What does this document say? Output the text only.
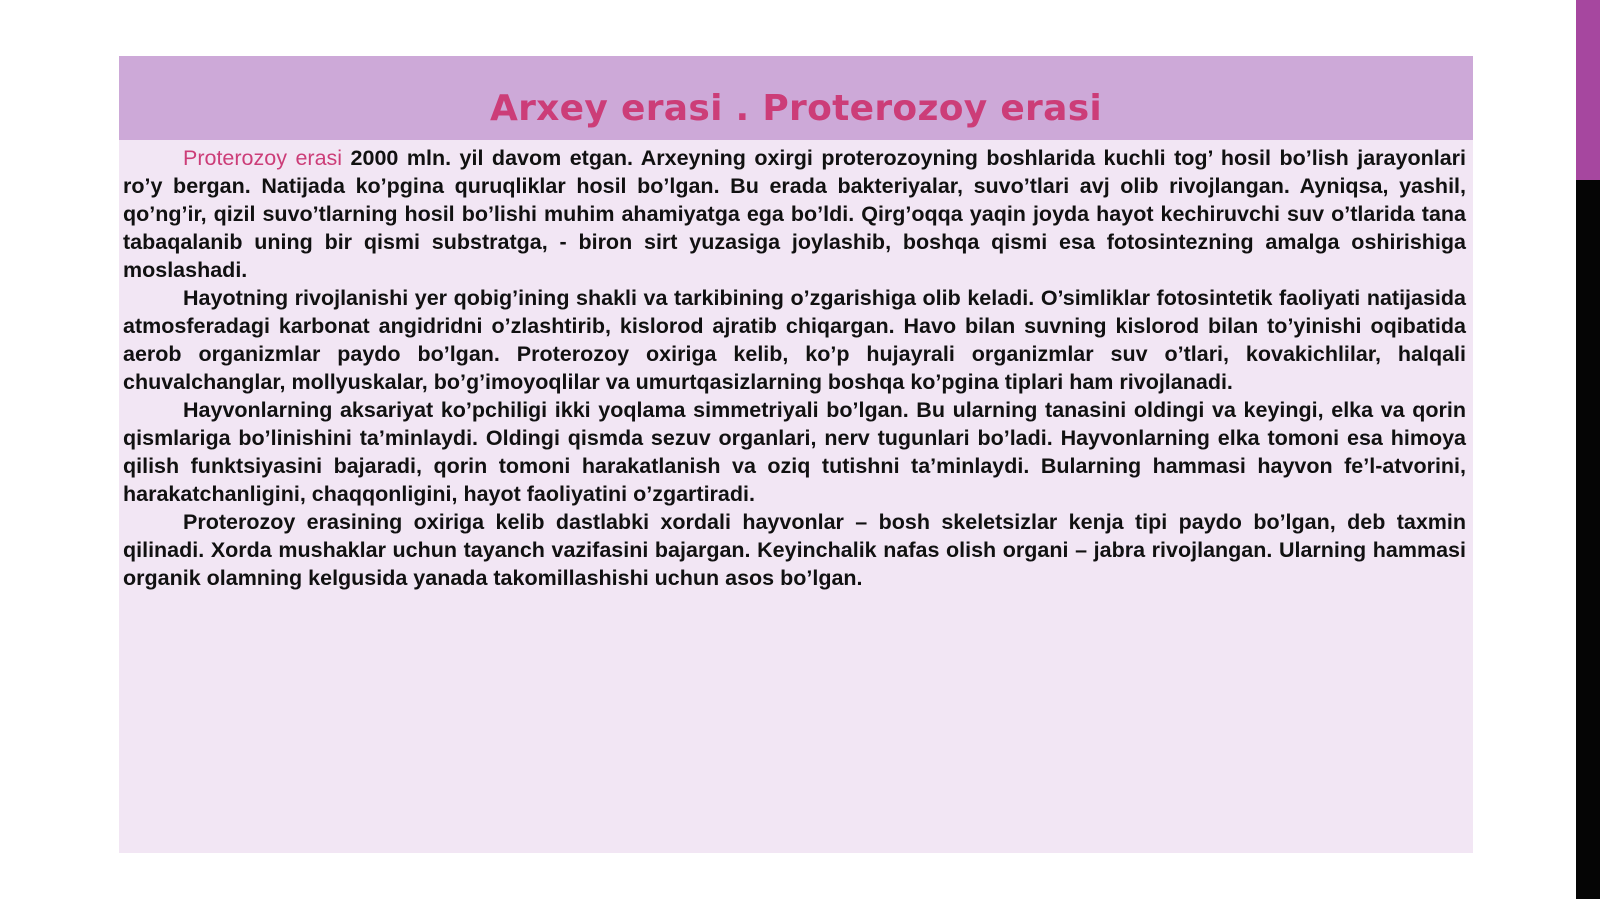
Arxey erasi . Proterozoy erasi

Proterozoy erasi 2000 mln. yil davom etgan. Arxeyning oxirgi proterozoyning boshlarida kuchli tog’ hosil bo’lish jarayonlari ro’y bergan. Natijada ko’pgina quruqliklar hosil bo’lgan. Bu erada bakteriyalar, suvo’tlari avj olib rivojlangan. Ayniqsa, yashil, qo’ng’ir, qizil suvo’tlarning hosil bo’lishi muhim ahamiyatga ega bo’ldi. Qirg’oqqa yaqin joyda hayot kechiruvchi suv o’tlarida tana tabaqalanib uning bir qismi substratga, - biron sirt yuzasiga joylashib, boshqa qismi esa fotosintezning amalga oshirishiga moslashadi.

Hayotning rivojlanishi yer qobig’ining shakli va tarkibining o’zgarishiga olib keladi. O’simliklar fotosintetik faoliyati natijasida atmosferadagi karbonat angidridni o’zlashtirib, kislorod ajratib chiqargan. Havo bilan suvning kislorod bilan to’yinishi oqibatida aerob organizmlar paydo bo’lgan. Proterozoy oxiriga kelib, ko’p hujayrali organizmlar suv o’tlari, kovakichlilar, halqali chuvalchanglar, mollyuskalar, bo’g’imoyoqlilar va umurtqasizlarning boshqa ko’pgina tiplari ham rivojlanadi.

Hayvonlarning aksariyat ko’pchiligi ikki yoqlama simmetriyali bo’lgan. Bu ularning tanasini oldingi va keyingi, elka va qorin qismlariga bo’linishini ta’minlaydi. Oldingi qismda sezuv organlari, nerv tugunlari bo’ladi. Hayvonlarning elka tomoni esa himoya qilish funktsiyasini bajaradi, qorin tomoni harakatlanish va oziq tutishni ta’minlaydi. Bularning hammasi hayvon fe’l-atvorini, harakatchanligini, chaqqonligini, hayot faoliyatini o’zgartiradi.

Proterozoy erasining oxiriga kelib dastlabki xordali hayvonlar – bosh skeletsizlar kenja tipi paydo bo’lgan, deb taxmin qilinadi. Xorda mushaklar uchun tayanch vazifasini bajargan. Keyinchalik nafas olish organi – jabra rivojlangan. Ularning hammasi organik olamning kelgusida yanada takomillashishi uchun asos bo’lgan.
